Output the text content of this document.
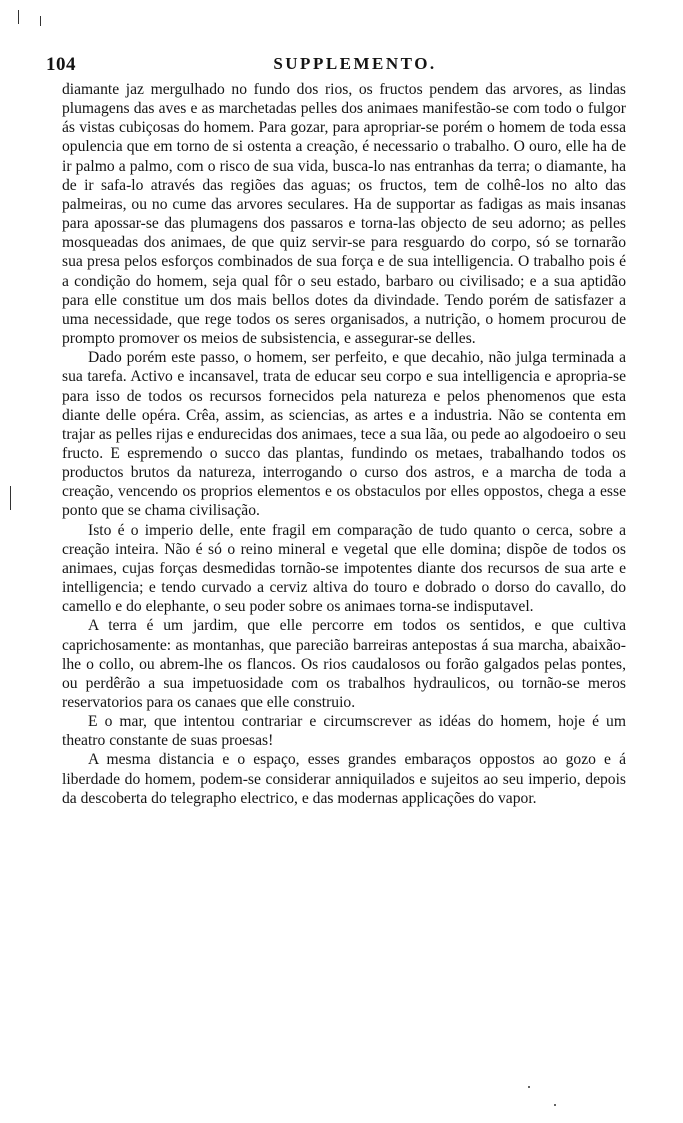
104	SUPPLEMENTO.

diamante jaz mergulhado no fundo dos rios, os fructos pendem das arvores, as lindas plumagens das aves e as marchetadas pelles dos animaes manifestão-se com todo o fulgor ás vistas cubiçosas do homem. Para gozar, para apropriar-se porém o homem de toda essa opulencia que em torno de si ostenta a creação, é necessario o trabalho. O ouro, elle ha de ir palmo a palmo, com o risco de sua vida, busca-lo nas entranhas da terra; o diamante, ha de ir safa-lo através das regiões das aguas; os fructos, tem de colhê-los no alto das palmeiras, ou no cume das arvores seculares. Ha de supportar as fadigas as mais insanas para apossar-se das plumagens dos passaros e torna-las objecto de seu adorno; as pelles mosqueadas dos animaes, de que quiz servir-se para resguardo do corpo, só se tornarão sua presa pelos esforços combinados de sua força e de sua intelligencia. O trabalho pois é a condição do homem, seja qual fôr o seu estado, barbaro ou civilisado; e a sua aptidão para elle constitue um dos mais bellos dotes da divindade. Tendo porém de satisfazer a uma necessidade, que rege todos os seres organisados, a nutrição, o homem procurou de prompto promover os meios de subsistencia, e assegurar-se delles.

Dado porém este passo, o homem, ser perfeito, e que decahio, não julga terminada a sua tarefa. Activo e incansavel, trata de educar seu corpo e sua intelligencia e apropria-se para isso de todos os recursos fornecidos pela natureza e pelos phenomenos que esta diante delle opéra. Crêa, assim, as sciencias, as artes e a industria. Não se contenta em trajar as pelles rijas e endurecidas dos animaes, tece a sua lãa, ou pede ao algodoeiro o seu fructo. E espremendo o succo das plantas, fundindo os metaes, trabalhando todos os productos brutos da natureza, interrogando o curso dos astros, e a marcha de toda a creação, vencendo os proprios elementos e os obstaculos por elles oppostos, chega a esse ponto que se chama civilisação.

Isto é o imperio delle, ente fragil em comparação de tudo quanto o cerca, sobre a creação inteira. Não é só o reino mineral e vegetal que elle domina; dispõe de todos os animaes, cujas forças desmedidas tornão-se impotentes diante dos recursos de sua arte e intelligencia; e tendo curvado a cerviz altiva do touro e dobrado o dorso do cavallo, do camello e do elephante, o seu poder sobre os animaes torna-se indisputavel.

A terra é um jardim, que elle percorre em todos os sentidos, e que cultiva caprichosamente: as montanhas, que parecião barreiras antepostas á sua marcha, abaixão-lhe o collo, ou abrem-lhe os flancos. Os rios caudalosos ou forão galgados pelas pontes, ou perdêrão a sua impetuosidade com os trabalhos hydraulicos, ou tornão-se meros reservatorios para os canaes que elle construio.

E o mar, que intentou contrariar e circumscrever as idéas do homem, hoje é um theatro constante de suas proesas!

A mesma distancia e o espaço, esses grandes embaraços oppostos ao gozo e á liberdade do homem, podem-se considerar anniquilados e sujeitos ao seu imperio, depois da descoberta do telegrapho electrico, e das modernas applicações do vapor.
